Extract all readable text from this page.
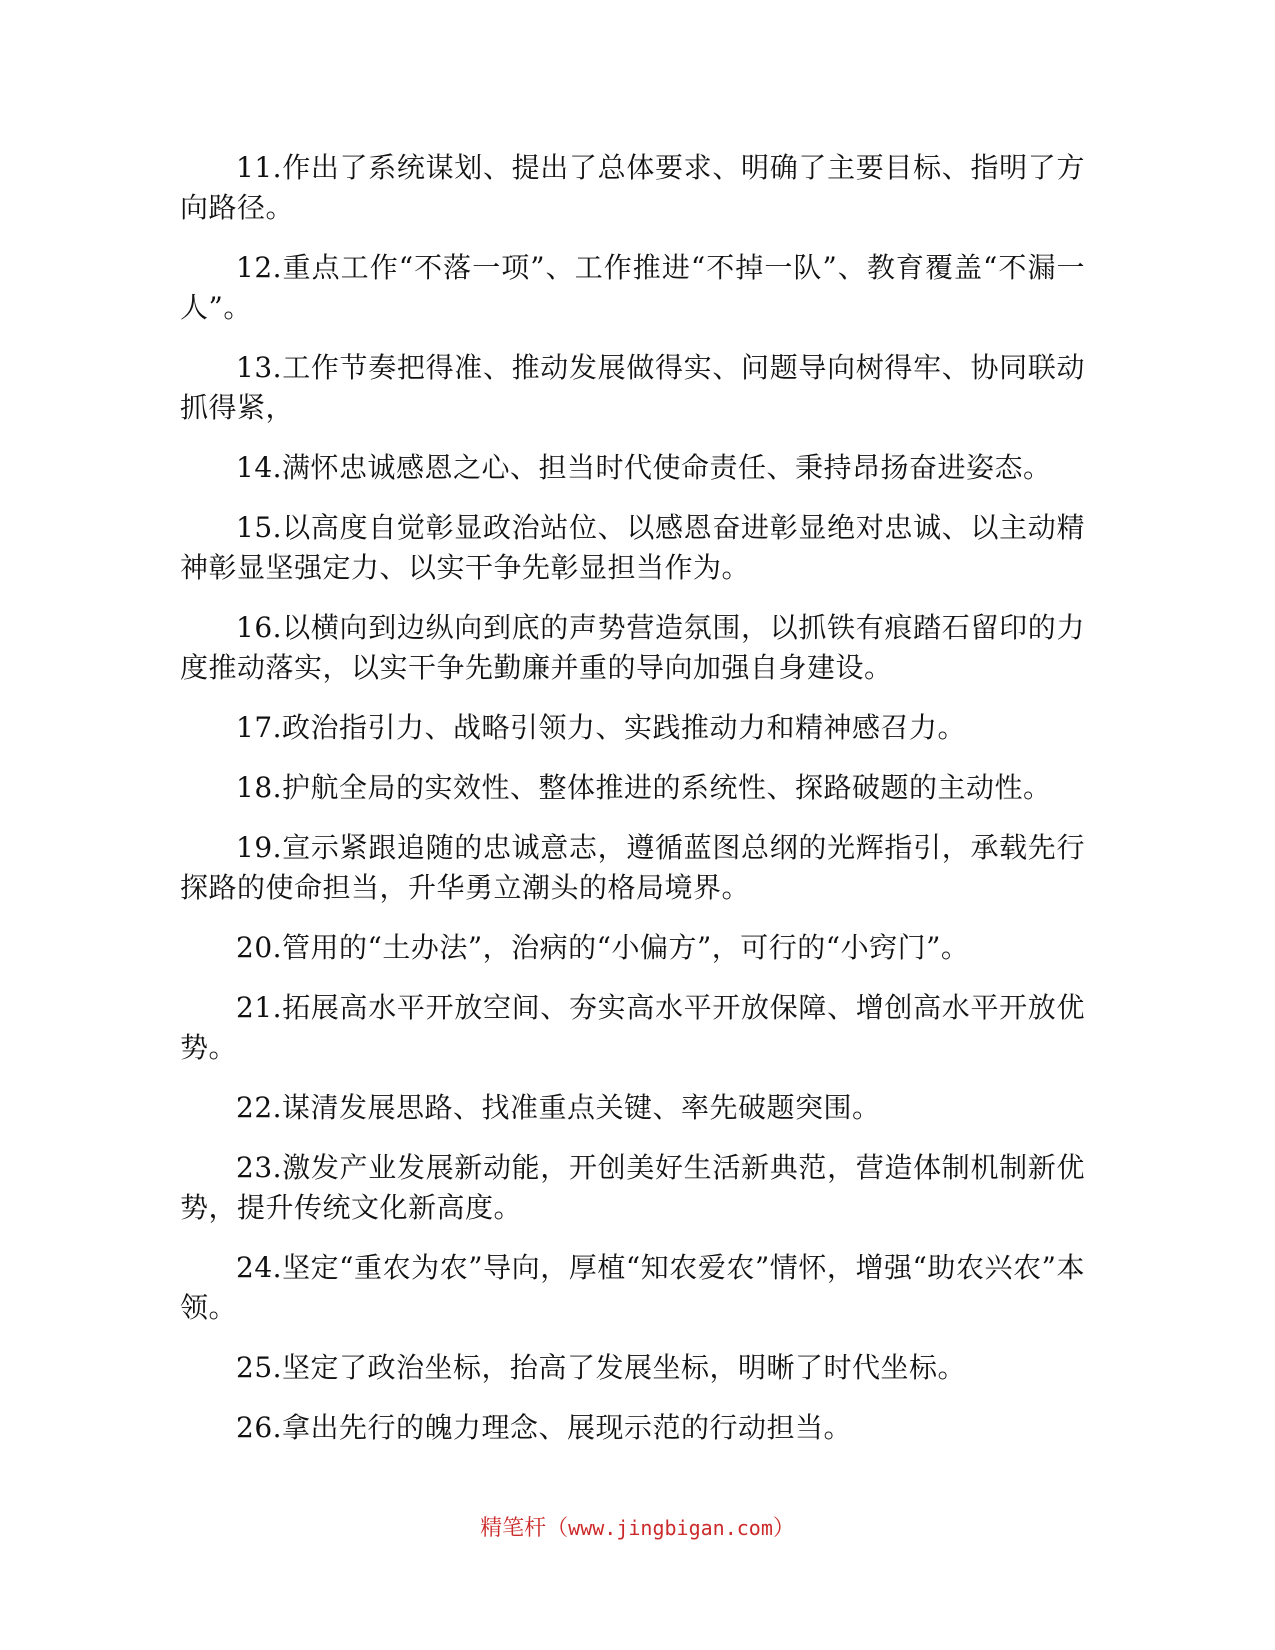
11.作出了系统谋划、提出了总体要求、明确了主要目标、指明了方向路径。

12.重点工作“不落一项”、工作推进“不掉一队”、教育覆盖“不漏一人”。

13.工作节奏把得准、推动发展做得实、问题导向树得牢、协同联动抓得紧，

14.满怀忠诚感恩之心、担当时代使命责任、秉持昂扬奋进姿态。

15.以高度自觉彰显政治站位、以感恩奋进彰显绝对忠诚、以主动精神彰显坚强定力、以实干争先彰显担当作为。

16.以横向到边纵向到底的声势营造氛围，以抓铁有痕踏石留印的力度推动落实，以实干争先勤廉并重的导向加强自身建设。

17.政治指引力、战略引领力、实践推动力和精神感召力。

18.护航全局的实效性、整体推进的系统性、探路破题的主动性。

19.宣示紧跟追随的忠诚意志，遵循蓝图总纲的光辉指引，承载先行探路的使命担当，升华勇立潮头的格局境界。

20.管用的“土办法”，治病的“小偏方”，可行的“小窍门”。

21.拓展高水平开放空间、夯实高水平开放保障、增创高水平开放优势。

22.谋清发展思路、找准重点关键、率先破题突围。

23.激发产业发展新动能，开创美好生活新典范，营造体制机制新优势，提升传统文化新高度。

24.坚定“重农为农”导向，厚植“知农爱农”情怀，增强“助农兴农”本领。

25.坚定了政治坐标，抬高了发展坐标，明晰了时代坐标。

26.拿出先行的魄力理念、展现示范的行动担当。

精笔杆（www.jingbigan.com）
